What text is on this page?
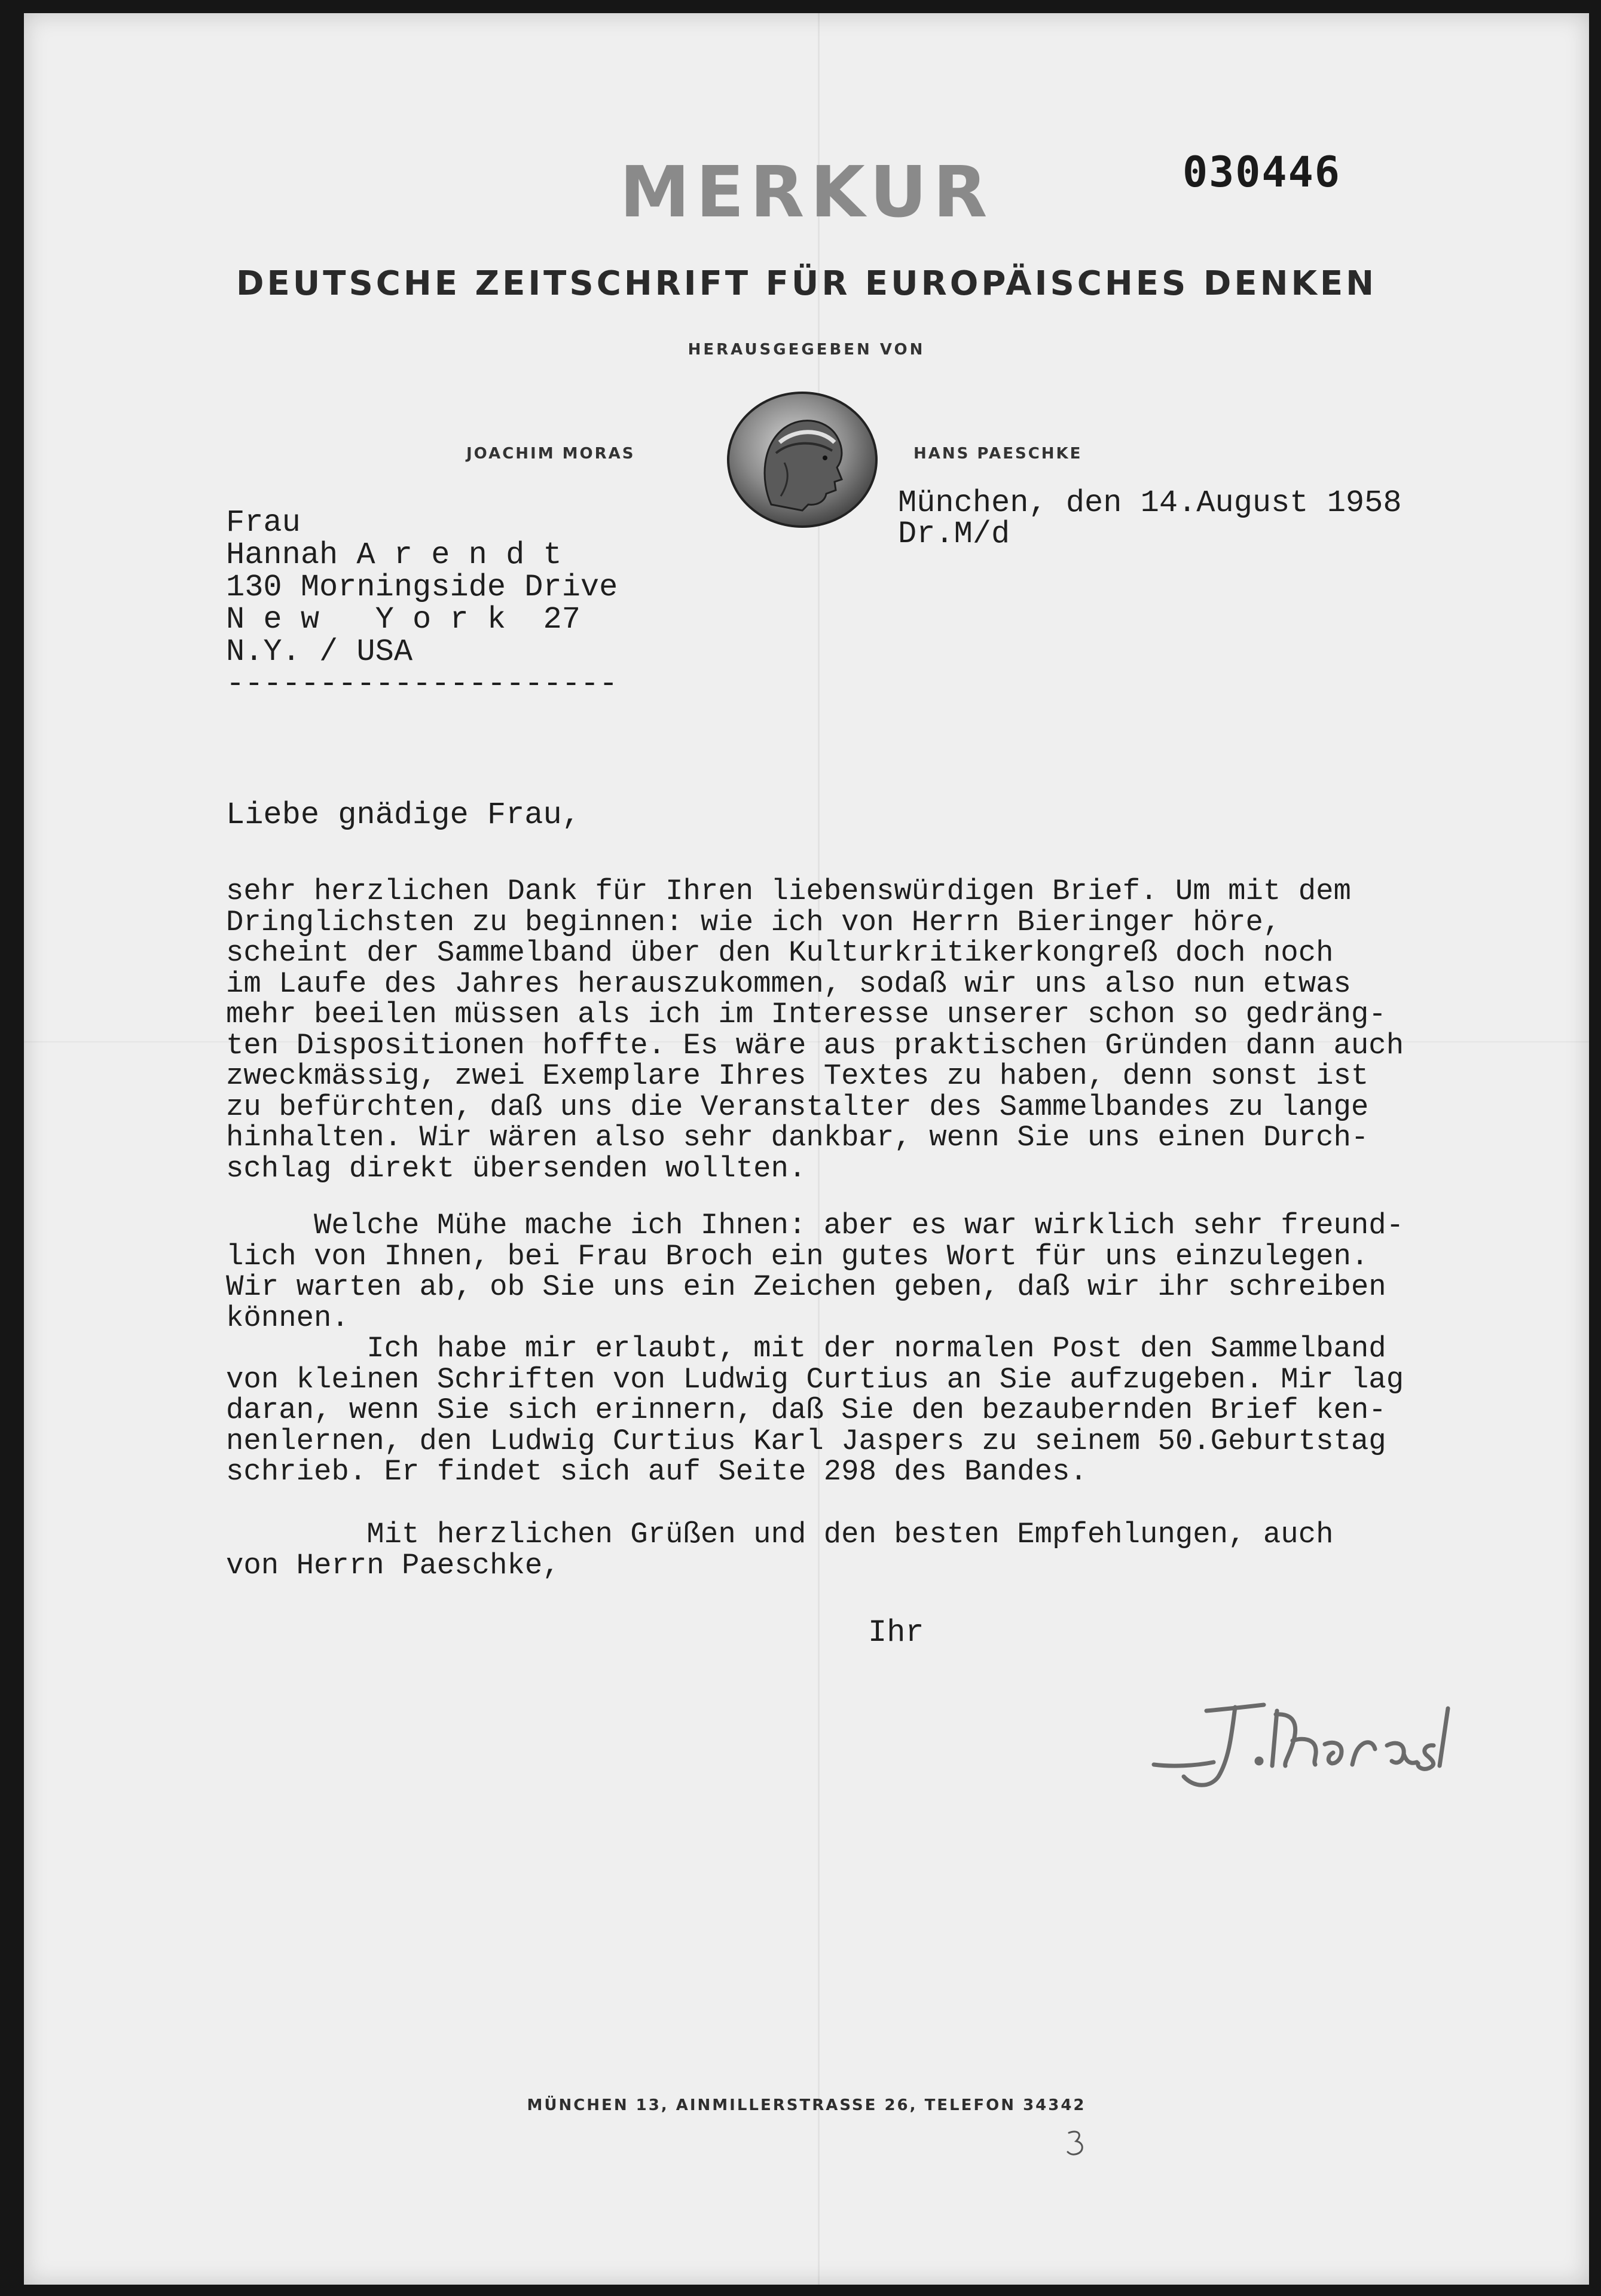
030446

MERKUR
DEUTSCHE ZEITSCHRIFT FÜR EUROPÄISCHES DENKEN

HERAUSGEGEBEN VON

JOACHIM MORAS	HANS PAESCHKE

München, den 14.August 1958
Dr.M/d
Frau
Hannah A r e n d t
130 Morningside Drive
N e w   Y o r k  27
N.Y. / USA
---------------------
Liebe gnädige Frau,

sehr herzlichen Dank für Ihren liebenswürdigen Brief. Um mit dem
Dringlichsten zu beginnen: wie ich von Herrn Bieringer höre,
scheint der Sammelband über den Kulturkritikerkongreß doch noch
im Laufe des Jahres herauszukommen, sodaß wir uns also nun etwas
mehr beeilen müssen als ich im Interesse unserer schon so gedräng-
ten Dispositionen hoffte. Es wäre aus praktischen Gründen dann auch
zweckmässig, zwei Exemplare Ihres Textes zu haben, denn sonst ist
zu befürchten, daß uns die Veranstalter des Sammelbandes zu lange
hinhalten. Wir wären also sehr dankbar, wenn Sie uns einen Durch-
schlag direkt übersenden wollten.

Welche Mühe mache ich Ihnen: aber es war wirklich sehr freund-
lich von Ihnen, bei Frau Broch ein gutes Wort für uns einzulegen.
Wir warten ab, ob Sie uns ein Zeichen geben, daß wir ihr schreiben
können.
Ich habe mir erlaubt, mit der normalen Post den Sammelband
von kleinen Schriften von Ludwig Curtius an Sie aufzugeben. Mir lag
daran, wenn Sie sich erinnern, daß Sie den bezaubernden Brief ken-
nenlernen, den Ludwig Curtius Karl Jaspers zu seinem 50.Geburtstag
schrieb. Er findet sich auf Seite 298 des Bandes.

Mit herzlichen Grüßen und den besten Empfehlungen, auch
von Herrn Paeschke,
Ihr

MÜNCHEN 13, AINMILLERSTRASSE 26, TELEFON 34342
